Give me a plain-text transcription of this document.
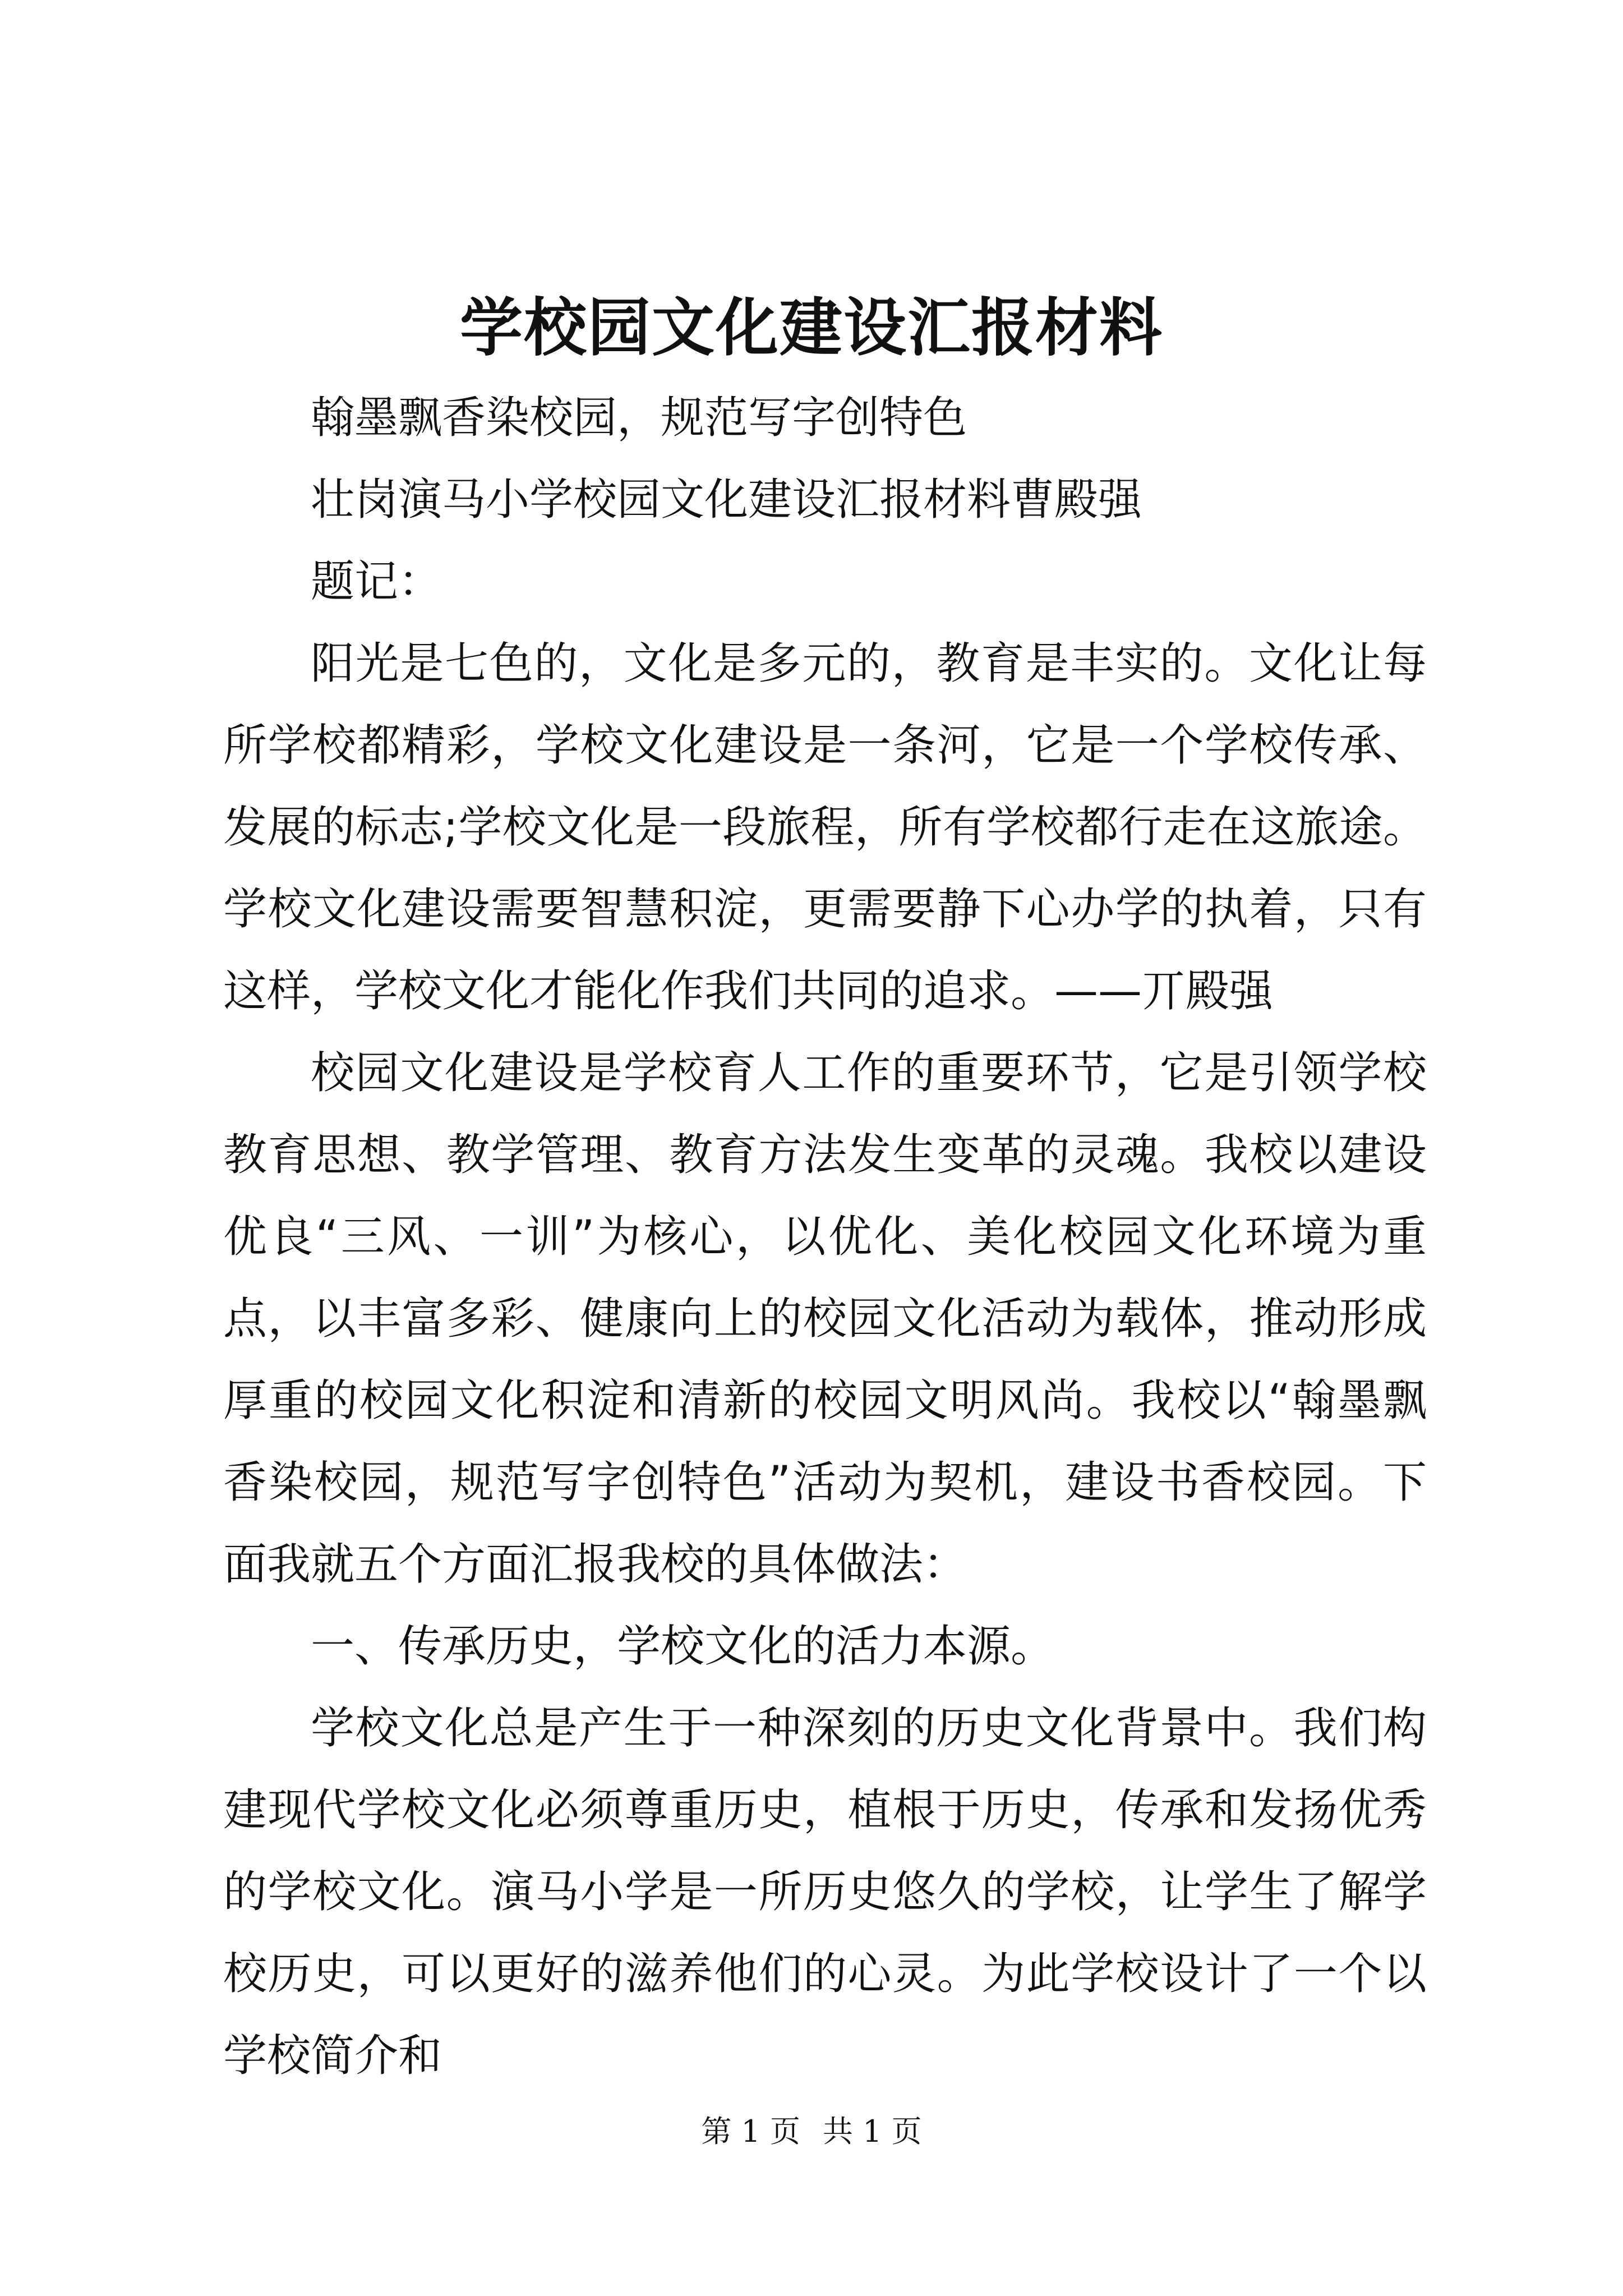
学校园文化建设汇报材料

翰墨飘香染校园，规范写字创特色

壮岗演马小学校园文化建设汇报材料曹殿强

题记：

阳光是七色的，文化是多元的，教育是丰实的。文化让每所学校都精彩，学校文化建设是一条河，它是一个学校传承、发展的标志;学校文化是一段旅程，所有学校都行走在这旅途。学校文化建设需要智慧积淀，更需要静下心办学的执着，只有这样，学校文化才能化作我们共同的追求。——丌殿强

校园文化建设是学校育人工作的重要环节，它是引领学校教育思想、教学管理、教育方法发生变革的灵魂。我校以建设优良“三风、一训”为核心，以优化、美化校园文化环境为重点，以丰富多彩、健康向上的校园文化活动为载体，推动形成厚重的校园文化积淀和清新的校园文明风尚。我校以“翰墨飘香染校园，规范写字创特色”活动为契机，建设书香校园。下面我就五个方面汇报我校的具体做法：

一、传承历史，学校文化的活力本源。

学校文化总是产生于一种深刻的历史文化背景中。我们构建现代学校文化必须尊重历史，植根于历史，传承和发扬优秀的学校文化。演马小学是一所历史悠久的学校，让学生了解学校历史，可以更好的滋养他们的心灵。为此学校设计了一个以学校简介和

第 1 页 共 1 页
